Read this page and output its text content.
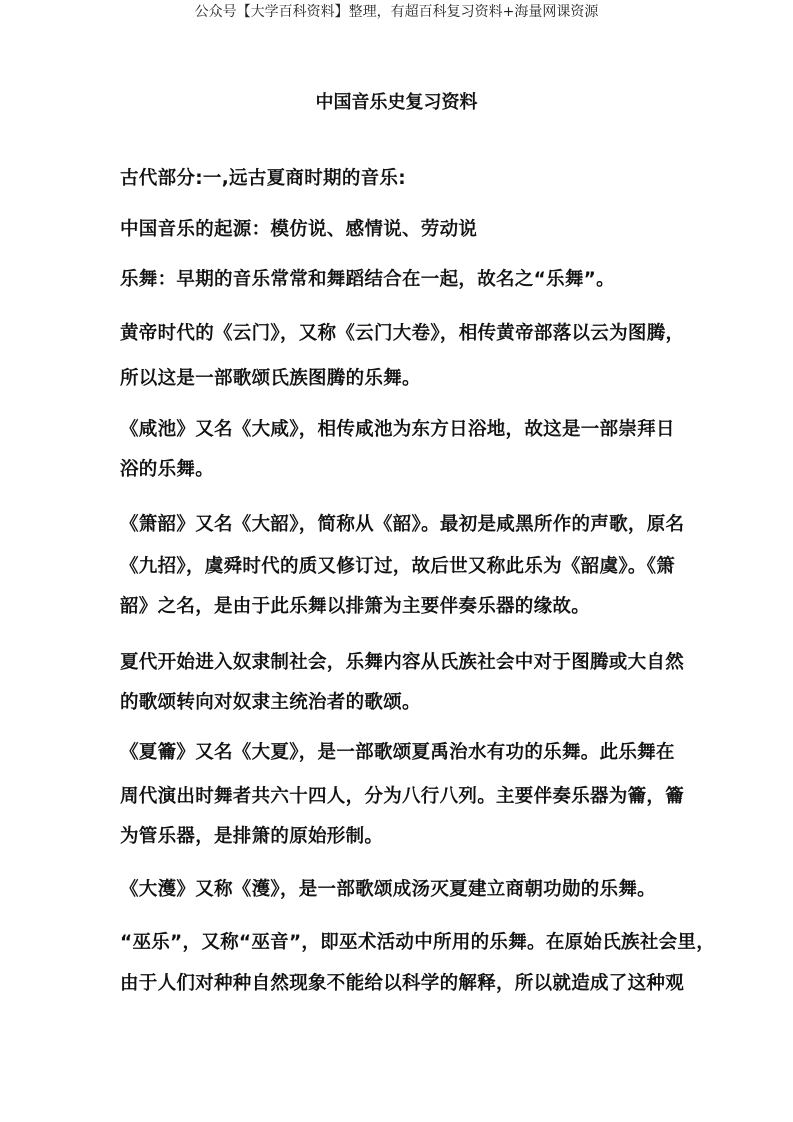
公众号【大学百科资料】整理，有超百科复习资料+海量网课资源
中国音乐史复习资料
古代部分:一,远古夏商时期的音乐:
中国音乐的起源：模仿说、感情说、劳动说
乐舞：早期的音乐常常和舞蹈结合在一起，故名之“乐舞”。
黄帝时代的《云门》，又称《云门大卷》，相传黄帝部落以云为图腾，
所以这是一部歌颂氏族图腾的乐舞。
《咸池》又名《大咸》，相传咸池为东方日浴地，故这是一部崇拜日
浴的乐舞。
《箫韶》又名《大韶》，简称从《韶》。最初是咸黑所作的声歌，原名
《九招》，虞舜时代的质又修订过，故后世又称此乐为《韶虞》。《箫
韶》之名，是由于此乐舞以排箫为主要伴奏乐器的缘故。
夏代开始进入奴隶制社会，乐舞内容从氏族社会中对于图腾或大自然
的歌颂转向对奴隶主统治者的歌颂。
《夏籥》又名《大夏》，是一部歌颂夏禹治水有功的乐舞。此乐舞在
周代演出时舞者共六十四人，分为八行八列。主要伴奏乐器为籥，籥
为管乐器，是排箫的原始形制。
《大濩》又称《濩》，是一部歌颂成汤灭夏建立商朝功勋的乐舞。
“巫乐”，又称“巫音”，即巫术活动中所用的乐舞。在原始氏族社会里，
由于人们对种种自然现象不能给以科学的解释，所以就造成了这种观
